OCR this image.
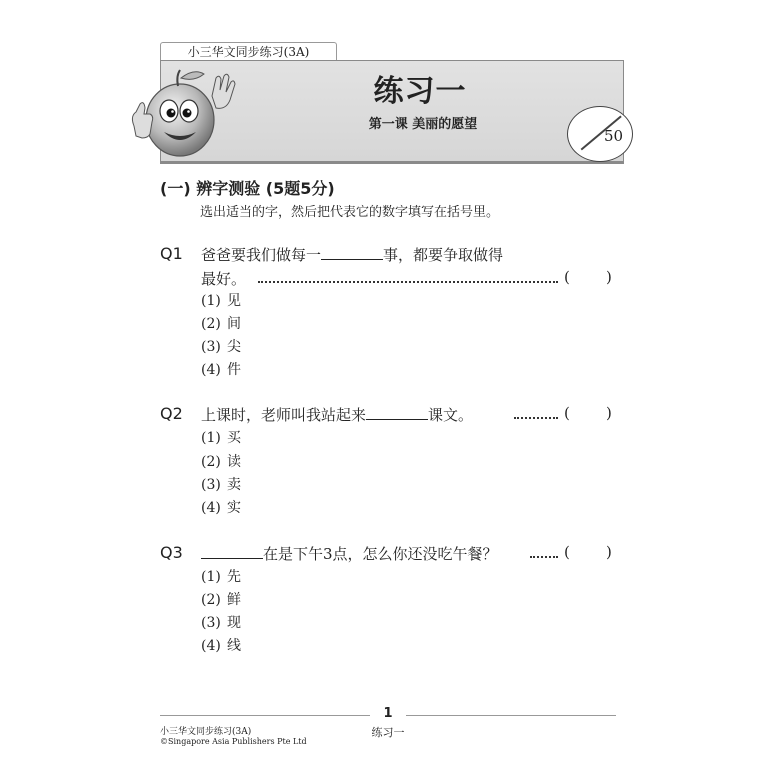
小三华文同步练习(3A)
练习一
第一课 美丽的愿望
50
(一) 辨字测验 (5题5分)
选出适当的字，然后把代表它的数字填写在括号里。
Q1 爸爸要我们做每一	事，都要争取做得
最好。	( )
(1) 见
(2) 间
(3) 尖
(4) 件
Q2 上课时，老师叫我站起来	课文。	( )
(1) 买
(2) 读
(3) 卖
(4) 实
Q3	在是下午3点，怎么你还没吃午餐？	( )
(1) 先
(2) 鲜
(3) 现
(4) 线
1
练习一
小三华文同步练习(3A)
©Singapore Asia Publishers Pte Ltd
